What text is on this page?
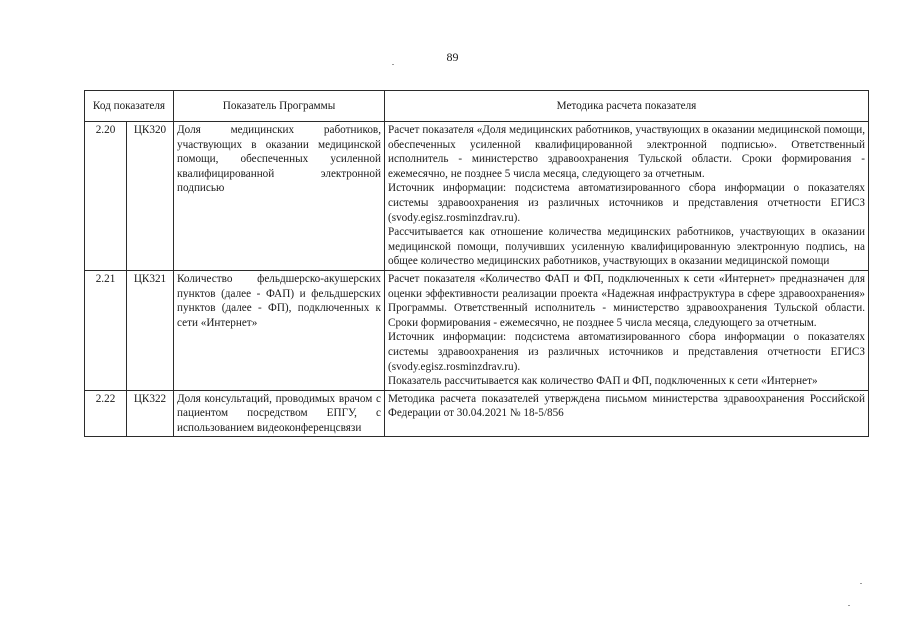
89
Код показателя		Показатель Программы	Методика расчета показателя
2.20	ЦК320	Доля медицинских работников, участвующих в оказании медицинской помощи, обеспеченных усиленной квалифицированной электронной подписью	Расчет показателя «Доля медицинских работников, участвующих в оказании медицинской помощи, обеспеченных усиленной квалифицированной электронной подписью». Ответственный исполнитель - министерство здравоохранения Тульской области. Сроки формирования - ежемесячно, не позднее 5 числа месяца, следующего за отчетным.

Источник информации: подсистема автоматизированного сбора информации о показателях системы здравоохранения из различных источников и представления отчетности ЕГИСЗ (svody.egisz.rosminzdrav.ru).

Рассчитывается как отношение количества медицинских работников, участвующих в оказании медицинской помощи, получивших усиленную квалифицированную электронную подпись, на общее количество медицинских работников, участвующих в оказании медицинской помощи

2.21	ЦК321	Количество фельдшерско-акушерских пунктов (далее - ФАП) и фельдшерских пунктов (далее - ФП), подключенных к сети «Интернет»	Расчет показателя «Количество ФАП и ФП, подключенных к сети «Интернет» предназначен для оценки эффективности реализации проекта «Надежная инфраструктура в сфере здравоохранения» Программы. Ответственный исполнитель - министерство здравоохранения Тульской области. Сроки формирования - ежемесячно, не позднее 5 числа месяца, следующего за отчетным.

Источник информации: подсистема автоматизированного сбора информации о показателях системы здравоохранения из различных источников и представления отчетности ЕГИСЗ (svody.egisz.rosminzdrav.ru).

Показатель рассчитывается как количество ФАП и ФП, подключенных к сети «Интернет»

2.22	ЦК322	Доля консультаций, проводимых врачом с пациентом посредством ЕПГУ, с использованием видеоконференцсвязи	Методика расчета показателей утверждена письмом министерства здравоохранения Российской Федерации от 30.04.2021 № 18-5/856
